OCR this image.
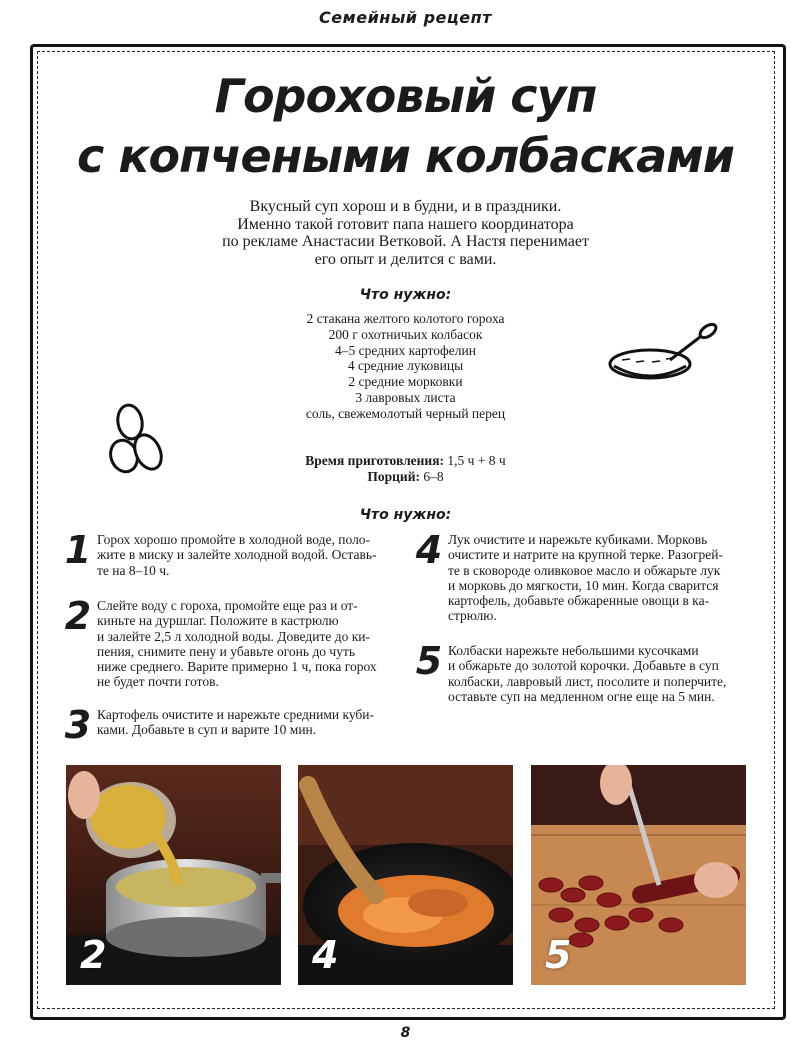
Семейный рецепт
Гороховый суп
с копчеными колбасками
Вкусный суп хорош и в будни, и в праздники.
Именно такой готовит папа нашего координатора
по рекламе Анастасии Ветковой. А Настя перенимает
его опыт и делится с вами.
Что нужно:
2 стакана желтого колотого гороха
200 г охотничьих колбасок
4–5 средних картофелин
4 средние луковицы
2 средние морковки
3 лавровых листа
соль, свежемолотый черный перец
Время приготовления: 1,5 ч + 8 ч
Порций: 6–8
Что нужно:
1 Горох хорошо промойте в холодной воде, поло-
жите в миску и залейте холодной водой. Оставь-
те на 8–10 ч.
2 Слейте воду с гороха, промойте еще раз и от-
киньте на дуршлаг. Положите в кастрюлю
и залейте 2,5 л холодной воды. Доведите до ки-
пения, снимите пену и убавьте огонь до чуть
ниже среднего. Варите примерно 1 ч, пока горох
не будет почти готов.
3 Картофель очистите и нарежьте средними куби-
ками. Добавьте в суп и варите 10 мин.
4 Лук очистите и нарежьте кубиками. Морковь
очистите и натрите на крупной терке. Разогрей-
те в сковороде оливковое масло и обжарьте лук
и морковь до мягкости, 10 мин. Когда сварится
картофель, добавьте обжаренные овощи в ка-
стрюлю.
5 Колбаски нарежьте небольшими кусочками
и обжарьте до золотой корочки. Добавьте в суп
колбаски, лавровый лист, посолите и поперчите,
оставьте суп на медленном огне еще на 5 мин.
2	4	5
8
